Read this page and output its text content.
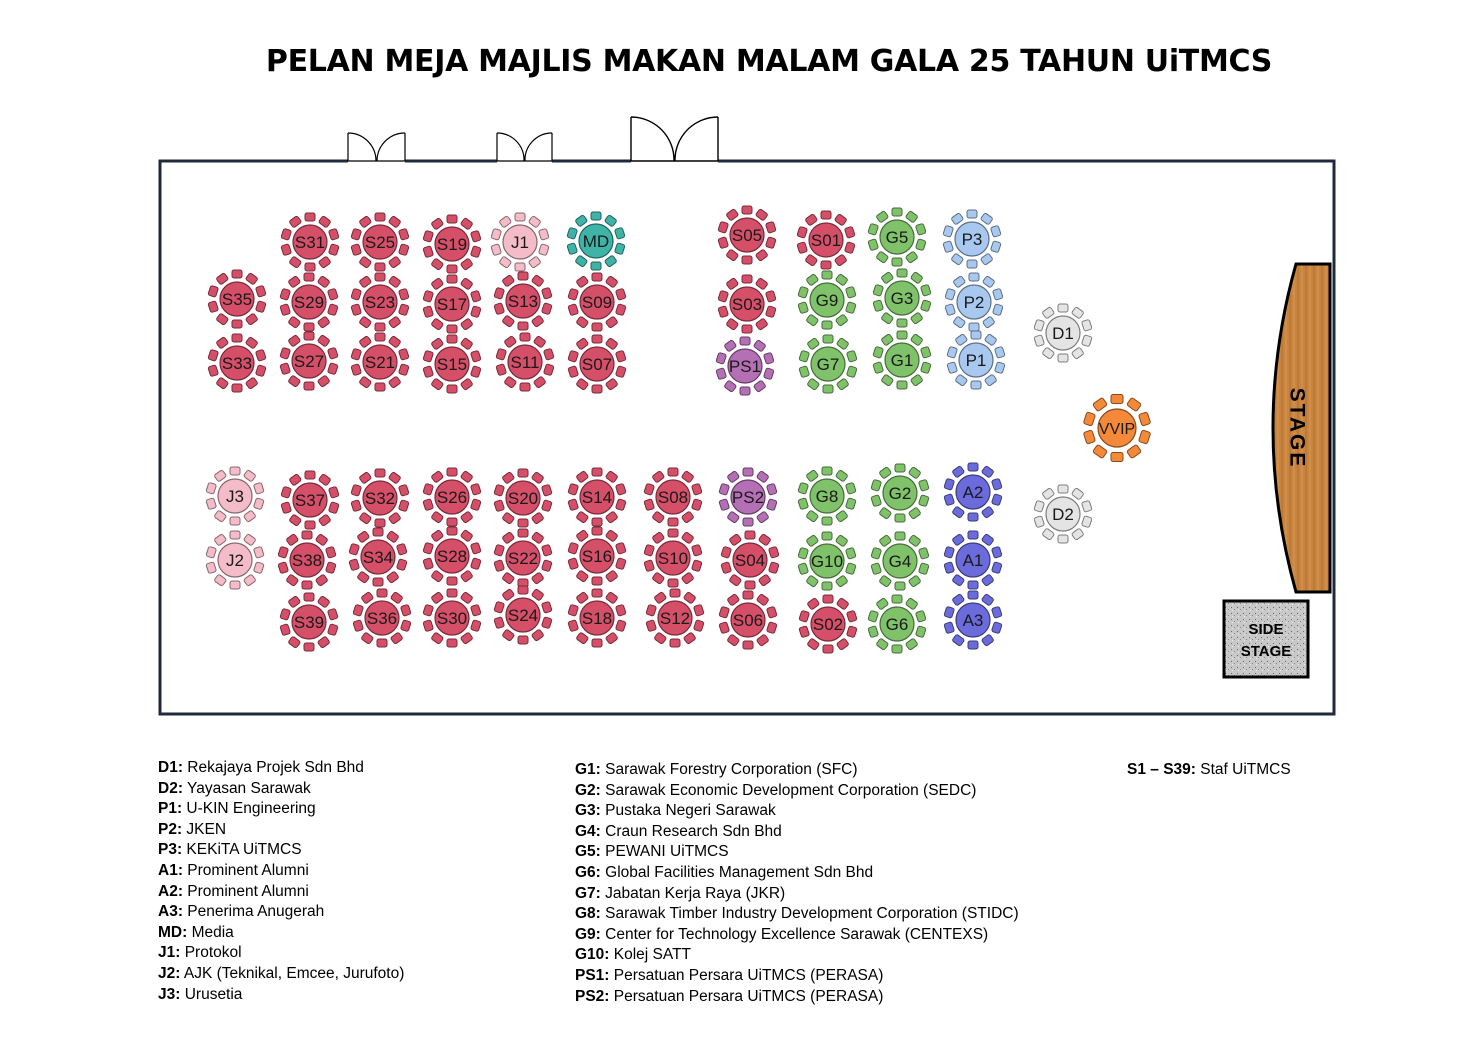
PELAN MEJA MAJLIS MAKAN MALAM GALA 25 TAHUN UiTMCS
STAGE
SIDE
STAGE
S31 S25 S19	J1	MD
S35 S29 S23 S17 S13	S09
S33 S27 S21 S15	S11 S07
S05	S01	G5	P3
S03	G9	G3	P2
PS1	G7	G1	P1
D1
VVIP
D2
J3	S37 S32 S26 S20	S14	S08	PS2	G8	G2	A2
J2	S38 S34	S28 S22	S16	S10	S04	G10	G4	A1
S39	S36 S30 S24	S18	S12	S06	S02	G6	A3
D1: Rekajaya Projek Sdn Bhd
D2: Yayasan Sarawak
P1: U-KIN Engineering
P2: JKEN
P3: KEKiTA UiTMCS
A1: Prominent Alumni
A2: Prominent Alumni
A3: Penerima Anugerah
MD: Media
J1: Protokol
J2: AJK (Teknikal, Emcee, Jurufoto)
J3: Urusetia
G1: Sarawak Forestry Corporation (SFC)
G2: Sarawak Economic Development Corporation (SEDC)
G3: Pustaka Negeri Sarawak
G4: Craun Research Sdn Bhd
G5: PEWANI UiTMCS
G6: Global Facilities Management Sdn Bhd
G7: Jabatan Kerja Raya (JKR)
G8: Sarawak Timber Industry Development Corporation (STIDC)
G9: Center for Technology Excellence Sarawak (CENTEXS)
G10: Kolej SATT
PS1: Persatuan Persara UiTMCS (PERASA)
PS2: Persatuan Persara UiTMCS (PERASA)
S1 – S39: Staf UiTMCS
